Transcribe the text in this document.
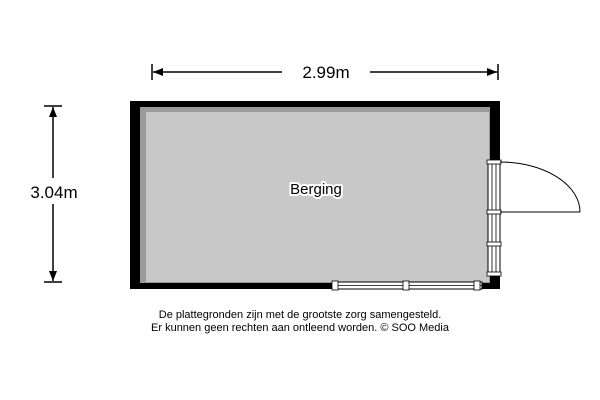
2.99m
3.04m	Berging
De plattegronden zijn met de grootste zorg samengesteld.
Er kunnen geen rechten aan ontleend worden. © SOO Media
